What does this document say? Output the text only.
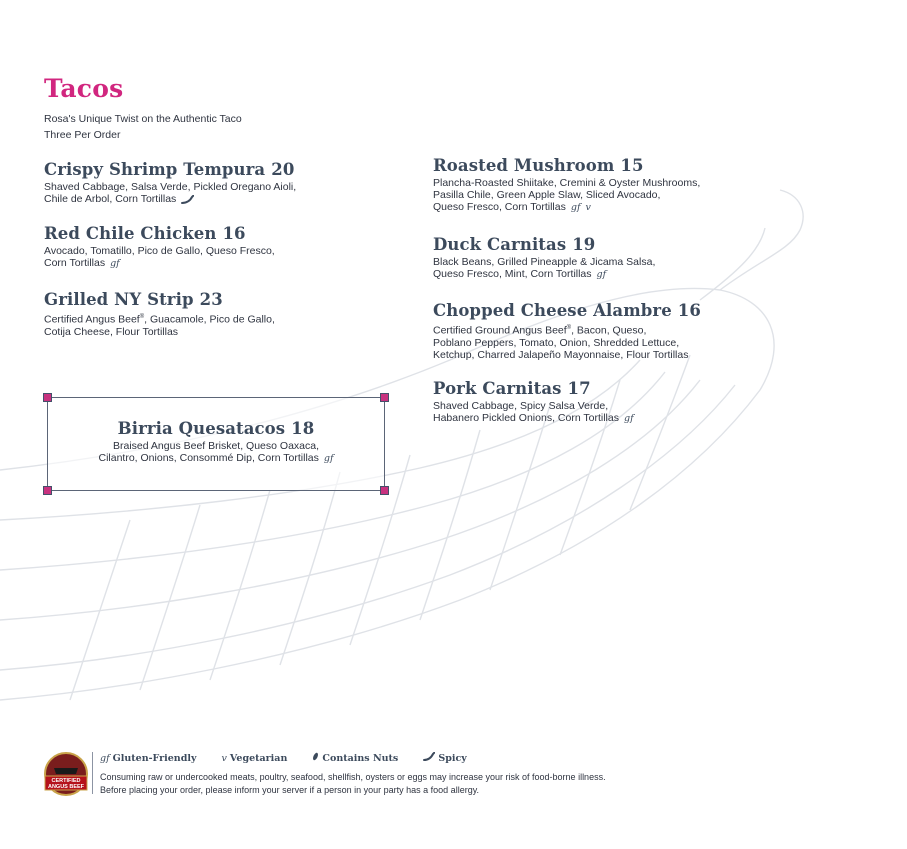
Tacos
Rosa's Unique Twist on the Authentic Taco
Three Per Order
Crispy Shrimp Tempura 20
Shaved Cabbage, Salsa Verde, Pickled Oregano Aioli,
Chile de Arbol, Corn Tortillas
Red Chile Chicken 16
Avocado, Tomatillo, Pico de Gallo, Queso Fresco,
Corn Tortillas gf
Grilled NY Strip 23
Certified Angus Beef®, Guacamole, Pico de Gallo,
Cotija Cheese, Flour Tortillas
Birria Quesatacos 18
Braised Angus Beef Brisket, Queso Oaxaca,
Cilantro, Onions, Consommé Dip, Corn Tortillas gf
Roasted Mushroom 15
Plancha-Roasted Shiitake, Cremini & Oyster Mushrooms,
Pasilla Chile, Green Apple Slaw, Sliced Avocado,
Queso Fresco, Corn Tortillas gf v
Duck Carnitas 19
Black Beans, Grilled Pineapple & Jicama Salsa,
Queso Fresco, Mint, Corn Tortillas gf
Chopped Cheese Alambre 16
Certified Ground Angus Beef®, Bacon, Queso,
Poblano Peppers, Tomato, Onion, Shredded Lettuce,
Ketchup, Charred Jalapeño Mayonnaise, Flour Tortillas
Pork Carnitas 17
Shaved Cabbage, Spicy Salsa Verde,
Habanero Pickled Onions, Corn Tortillas gf
CERTIFIED
ANGUS BEEF
gf Gluten-Friendly	v Vegetarian	Contains Nuts	Spicy
Consuming raw or undercooked meats, poultry, seafood, shellfish, oysters or eggs may increase your risk of food-borne illness.
Before placing your order, please inform your server if a person in your party has a food allergy.
